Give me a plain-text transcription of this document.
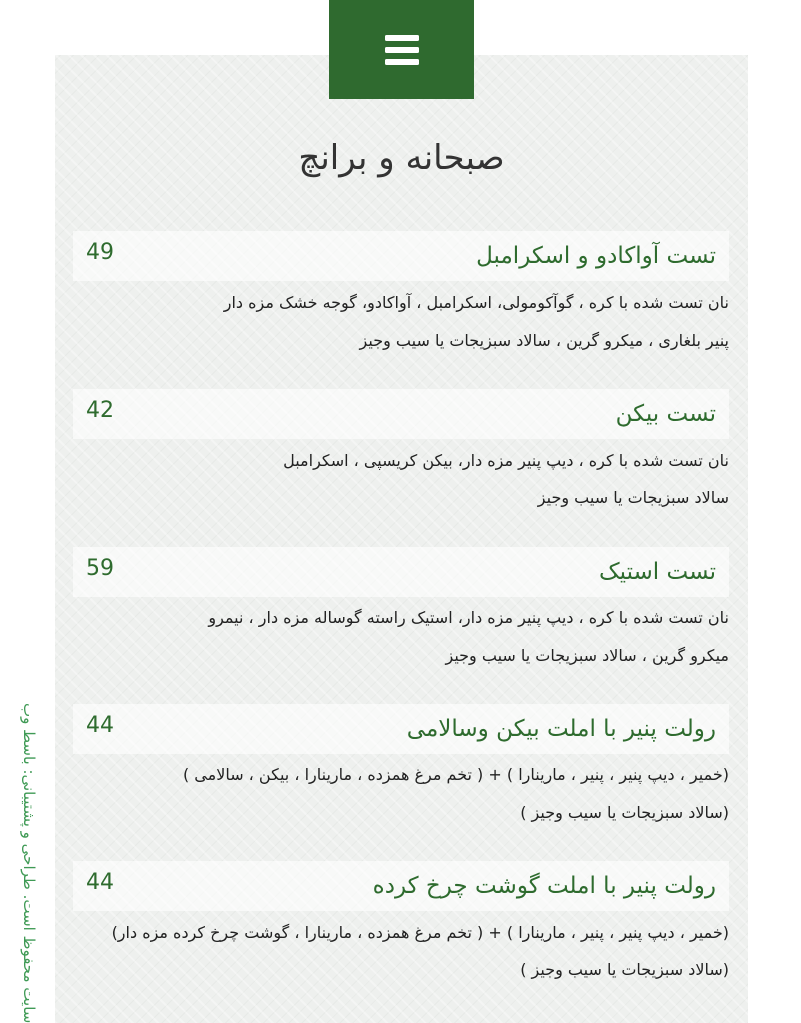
صبحانه و برانچ
تست آواکادو و اسکرامبل
49
نان تست شده با کره ، گوآکومولی، اسکرامبل ، آواکادو، گوجه خشک مزه دار
پنیر بلغاری ، میکرو گرین ، سالاد سبزیجات یا سیب وجیز
تست بیکن
42
نان تست شده با کره ، دیپ پنیر مزه دار، بیکن کریسپی ، اسکرامبل
سالاد سبزیجات یا سیب وجیز
تست استیک
59
نان تست شده با کره ، دیپ پنیر مزه دار، استیک راسته گوساله مزه دار ، نیمرو
میکرو گرین ، سالاد سبزیجات یا سیب وجیز
رولت پنیر با املت بیکن وسالامی
44
(خمیر ، دیپ پنیر ، پنیر ، مارینارا ) + ( تخم مرغ همزده ، مارینارا ، بیکن ، سالامی )
(سالاد سبزیجات یا سیب وجیز )
رولت پنیر با املت گوشت چرخ کرده
44
(خمیر ، دیپ پنیر ، پنیر ، مارینارا ) + ( تخم مرغ همزده ، مارینارا ، گوشت چرخ کرده مزه دار)
(سالاد سبزیجات یا سیب وجیز )
سایت محفوظ است. طراحی و پشتیبانی: باسط وب
